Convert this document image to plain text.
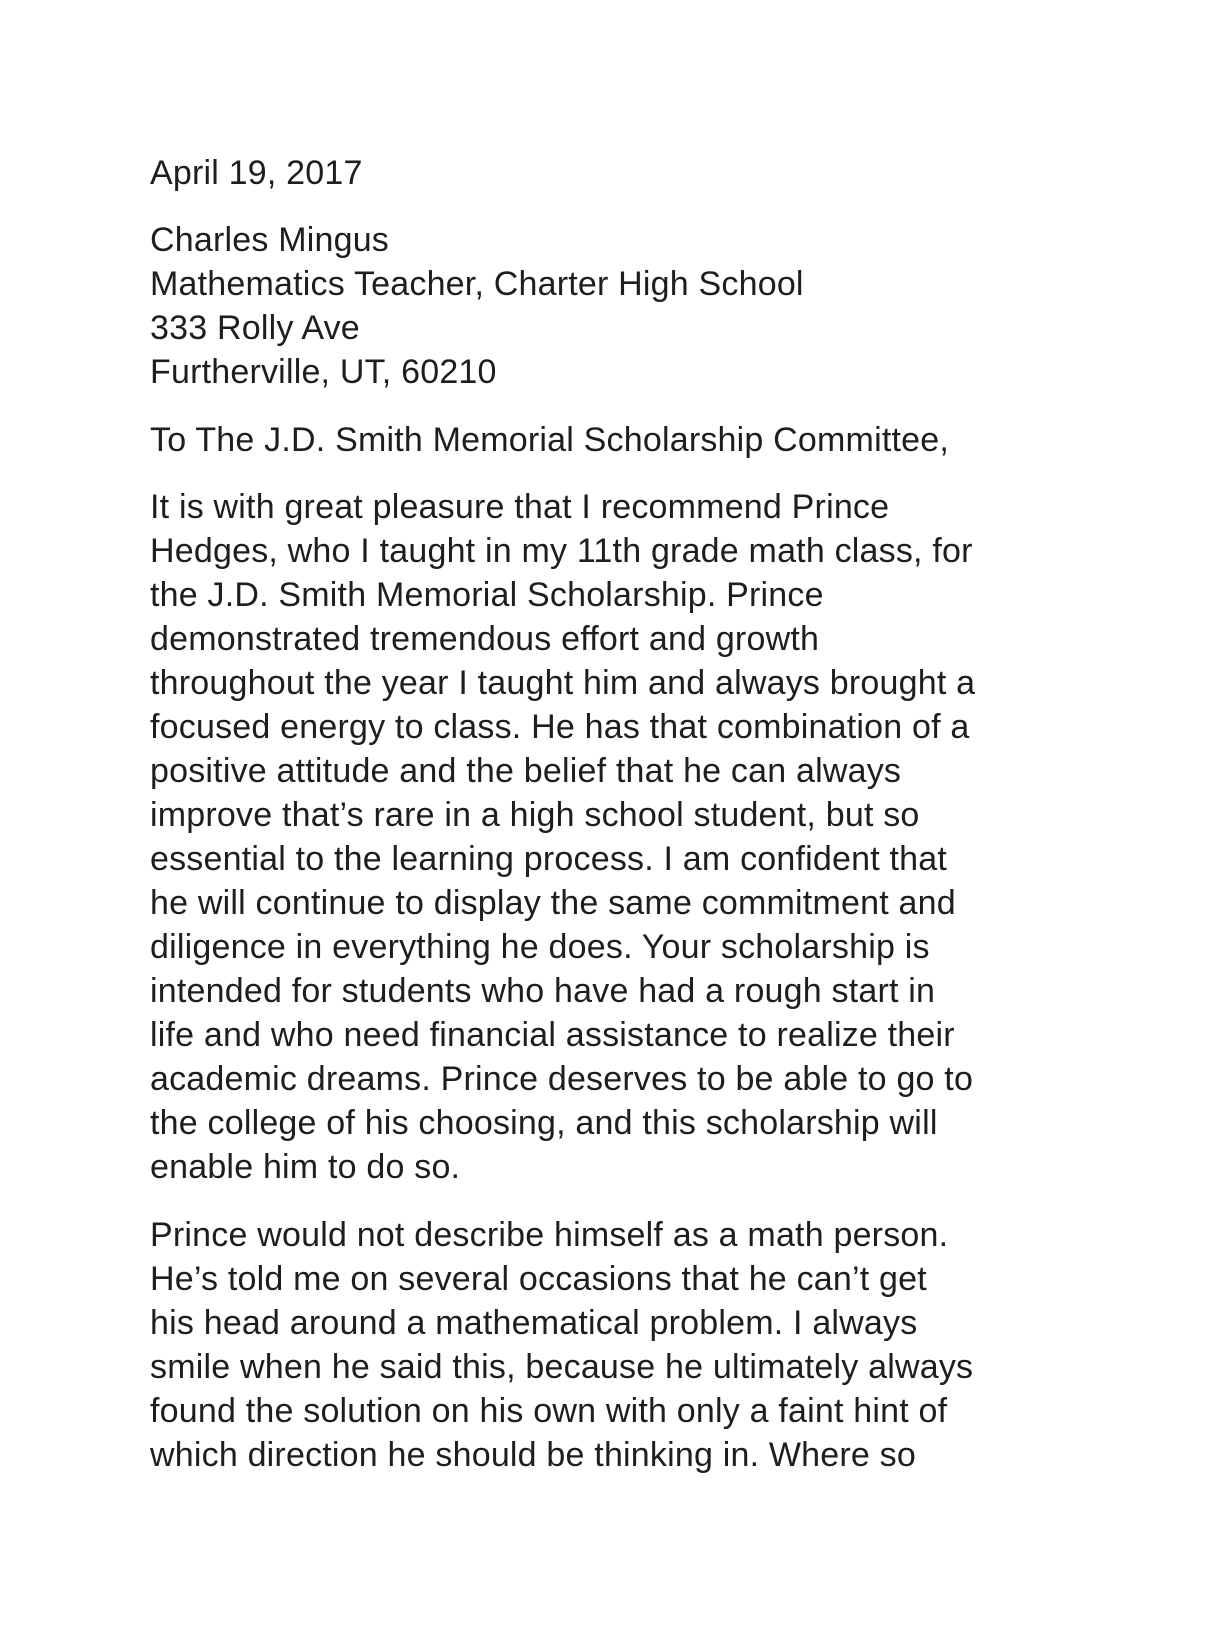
April 19, 2017
Charles Mingus
Mathematics Teacher, Charter High School
333 Rolly Ave
Furtherville, UT, 60210
To The J.D. Smith Memorial Scholarship Committee,
It is with great pleasure that I recommend Prince
Hedges, who I taught in my 11th grade math class, for
the J.D. Smith Memorial Scholarship. Prince
demonstrated tremendous effort and growth
throughout the year I taught him and always brought a
focused energy to class. He has that combination of a
positive attitude and the belief that he can always
improve that’s rare in a high school student, but so
essential to the learning process. I am confident that
he will continue to display the same commitment and
diligence in everything he does. Your scholarship is
intended for students who have had a rough start in
life and who need financial assistance to realize their
academic dreams. Prince deserves to be able to go to
the college of his choosing, and this scholarship will
enable him to do so.
Prince would not describe himself as a math person.
He’s told me on several occasions that he can’t get
his head around a mathematical problem. I always
smile when he said this, because he ultimately always
found the solution on his own with only a faint hint of
which direction he should be thinking in. Where so
